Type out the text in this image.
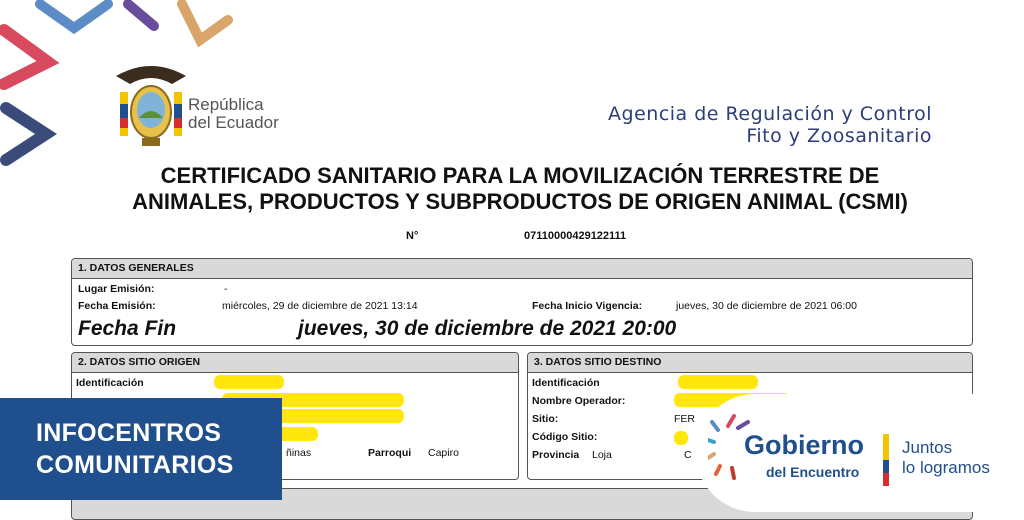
República
del Ecuador	Agencia de Regulación y Control
Fito y Zoosanitario
CERTIFICADO SANITARIO PARA LA MOVILIZACIÓN TERRESTRE DE
ANIMALES, PRODUCTOS Y SUBPRODUCTOS DE ORIGEN ANIMAL (CSMI)
N°	07110000429122111
1. DATOS GENERALES
Lugar Emisión:	-
Fecha Emisión:	miércoles, 29 de diciembre de 2021 13:14	Fecha Inicio Vigencia:	jueves, 30 de diciembre de 2021 06:00
Fecha Fin	jueves, 30 de diciembre de 2021 20:00
2. DATOS SITIO ORIGEN
Identificación
ñinas	Parroqui Capiro
3. DATOS SITIO DESTINO
Identificación
Nombre Operador:
Sitio:	FER
Código Sitio:
Provincia Loja	C
INFOCENTROS
COMUNITARIOS
Gobierno
del Encuentro
Juntos
lo logramos
